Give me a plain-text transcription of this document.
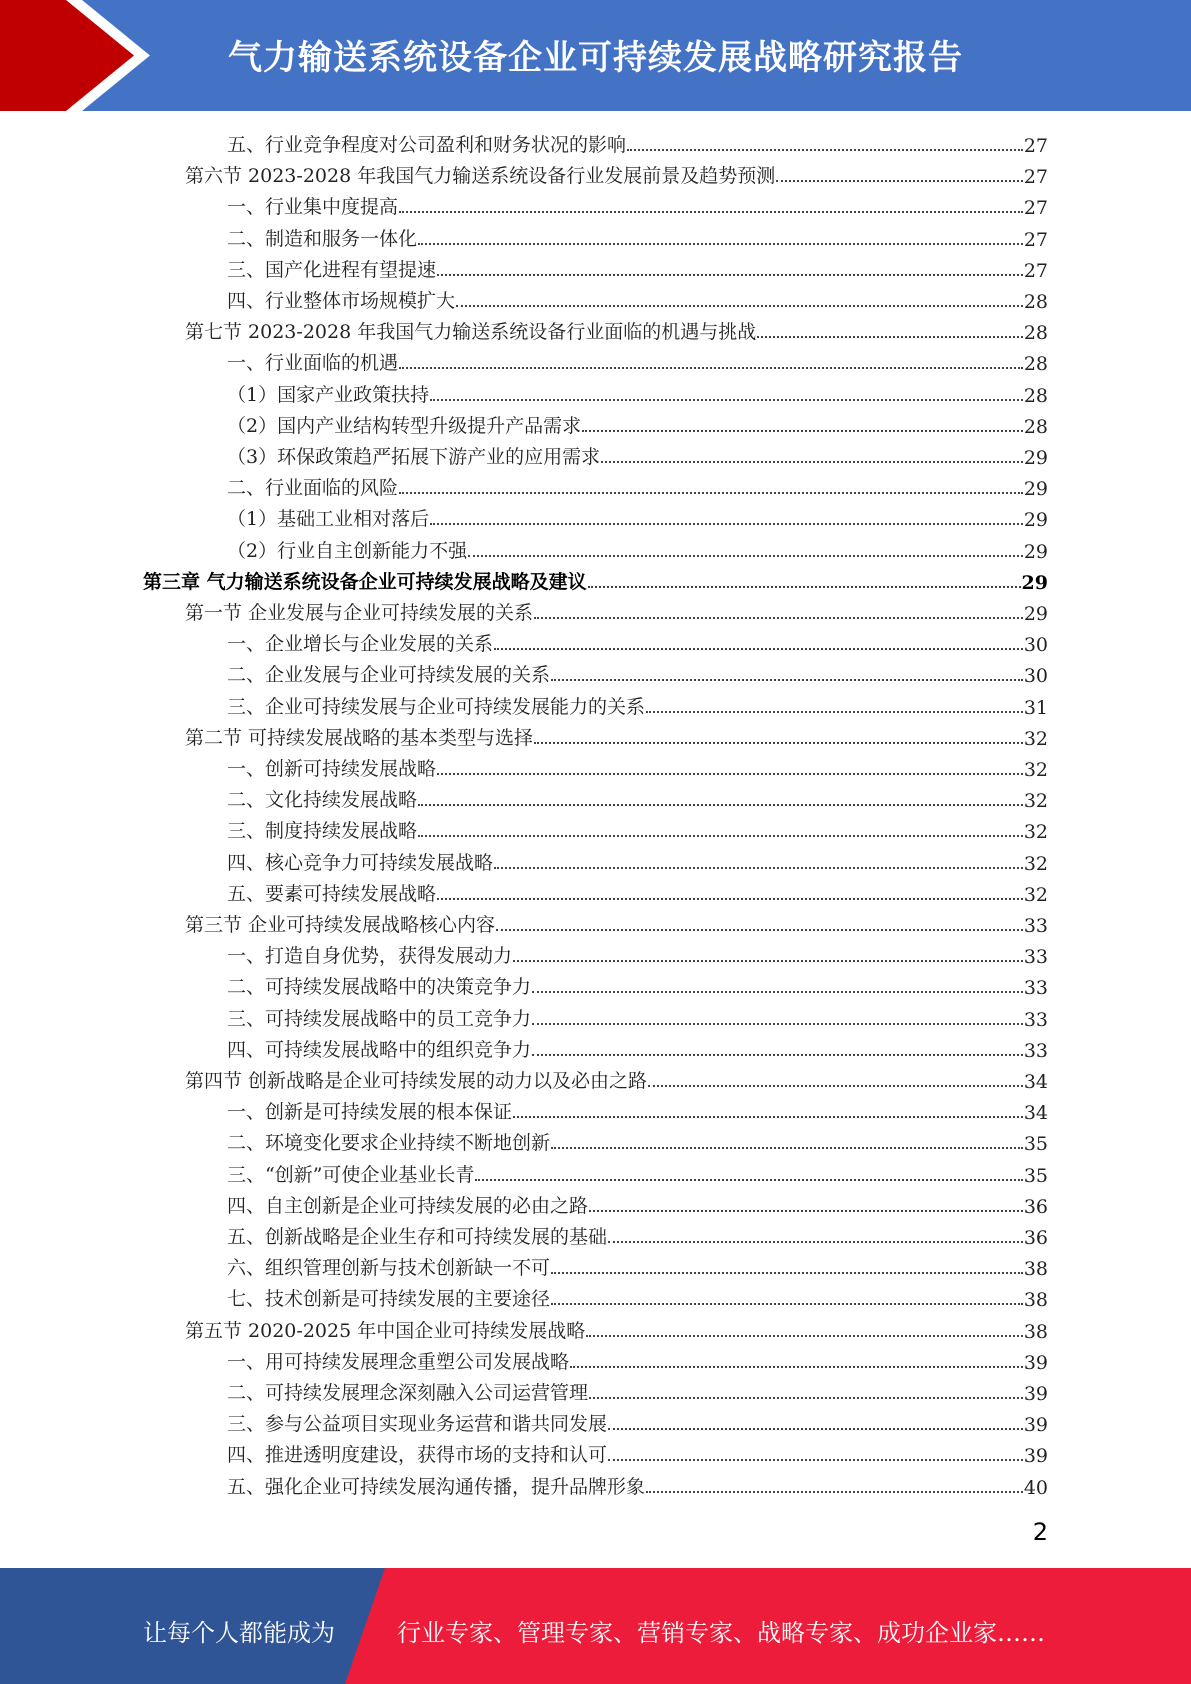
气力输送系统设备企业可持续发展战略研究报告
五、行业竞争程度对公司盈利和财务状况的影响	27
第六节 2023-2028 年我国气力输送系统设备行业发展前景及趋势预测	27
一、行业集中度提高	27
二、制造和服务一体化	27
三、国产化进程有望提速	27
四、行业整体市场规模扩大	28
第七节 2023-2028 年我国气力输送系统设备行业面临的机遇与挑战	28
一、行业面临的机遇	28
（1）国家产业政策扶持	28
（2）国内产业结构转型升级提升产品需求	28
（3）环保政策趋严拓展下游产业的应用需求	29
二、行业面临的风险	29
（1）基础工业相对落后	29
（2）行业自主创新能力不强	29
第三章 气力输送系统设备企业可持续发展战略及建议	29
第一节 企业发展与企业可持续发展的关系	29
一、企业增长与企业发展的关系	30
二、企业发展与企业可持续发展的关系	30
三、企业可持续发展与企业可持续发展能力的关系	31
第二节 可持续发展战略的基本类型与选择	32
一、创新可持续发展战略	32
二、文化持续发展战略	32
三、制度持续发展战略	32
四、核心竞争力可持续发展战略	32
五、要素可持续发展战略	32
第三节 企业可持续发展战略核心内容	33
一、打造自身优势，获得发展动力	33
二、可持续发展战略中的决策竞争力	33
三、可持续发展战略中的员工竞争力	33
四、可持续发展战略中的组织竞争力	33
第四节 创新战略是企业可持续发展的动力以及必由之路	34
一、创新是可持续发展的根本保证	34
二、环境变化要求企业持续不断地创新	35
三、“创新”可使企业基业长青	35
四、自主创新是企业可持续发展的必由之路	36
五、创新战略是企业生存和可持续发展的基础	36
六、组织管理创新与技术创新缺一不可	38
七、技术创新是可持续发展的主要途径	38
第五节 2020-2025 年中国企业可持续发展战略	38
一、用可持续发展理念重塑公司发展战略	39
二、可持续发展理念深刻融入公司运营管理	39
三、参与公益项目实现业务运营和谐共同发展	39
四、推进透明度建设，获得市场的支持和认可	39
五、强化企业可持续发展沟通传播，提升品牌形象	40
2
让每个人都能成为	行业专家、管理专家、营销专家、战略专家、成功企业家……
